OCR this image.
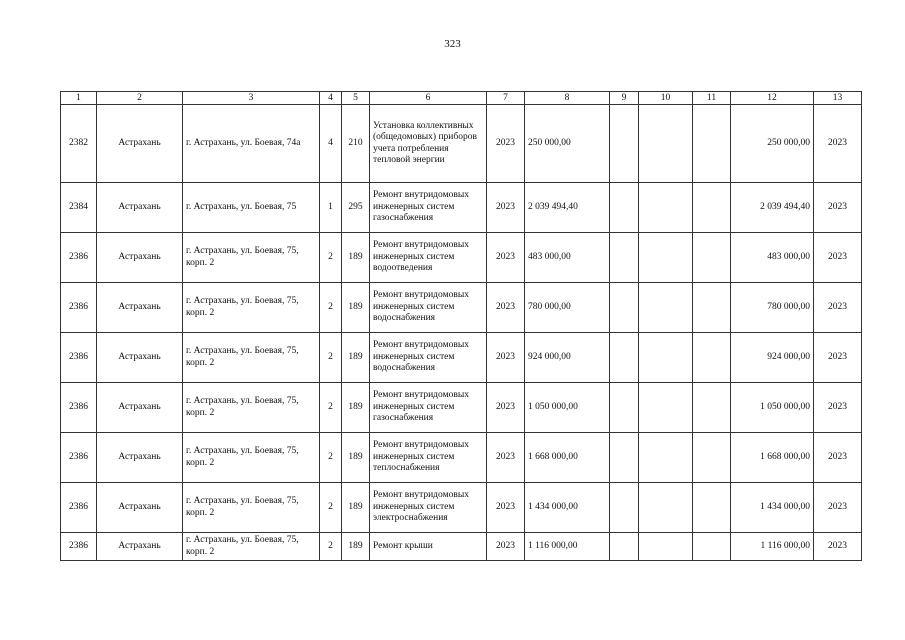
323
1	2	3	4	5	6	7	8	9	10	11	12	13
2382	Астрахань	г. Астрахань, ул. Боевая, 74а	4	210	Установка коллективных (общедомовых) приборов учета потребления тепловой энергии	2023	250 000,00				250 000,00	2023
2384	Астрахань	г. Астрахань, ул. Боевая, 75	1	295	Ремонт внутридомовых инженерных систем газоснабжения	2023	2 039 494,40				2 039 494,40	2023
2386	Астрахань	г. Астрахань, ул. Боевая, 75, корп. 2	2	189	Ремонт внутридомовых инженерных систем водоотведения	2023	483 000,00				483 000,00	2023
2386	Астрахань	г. Астрахань, ул. Боевая, 75, корп. 2	2	189	Ремонт внутридомовых инженерных систем водоснабжения	2023	780 000,00				780 000,00	2023
2386	Астрахань	г. Астрахань, ул. Боевая, 75, корп. 2	2	189	Ремонт внутридомовых инженерных систем водоснабжения	2023	924 000,00				924 000,00	2023
2386	Астрахань	г. Астрахань, ул. Боевая, 75, корп. 2	2	189	Ремонт внутридомовых инженерных систем газоснабжения	2023	1 050 000,00				1 050 000,00	2023
2386	Астрахань	г. Астрахань, ул. Боевая, 75, корп. 2	2	189	Ремонт внутридомовых инженерных систем теплоснабжения	2023	1 668 000,00				1 668 000,00	2023
2386	Астрахань	г. Астрахань, ул. Боевая, 75, корп. 2	2	189	Ремонт внутридомовых инженерных систем электроснабжения	2023	1 434 000,00				1 434 000,00	2023
2386	Астрахань	г. Астрахань, ул. Боевая, 75, корп. 2	2	189	Ремонт крыши	2023	1 116 000,00				1 116 000,00	2023
